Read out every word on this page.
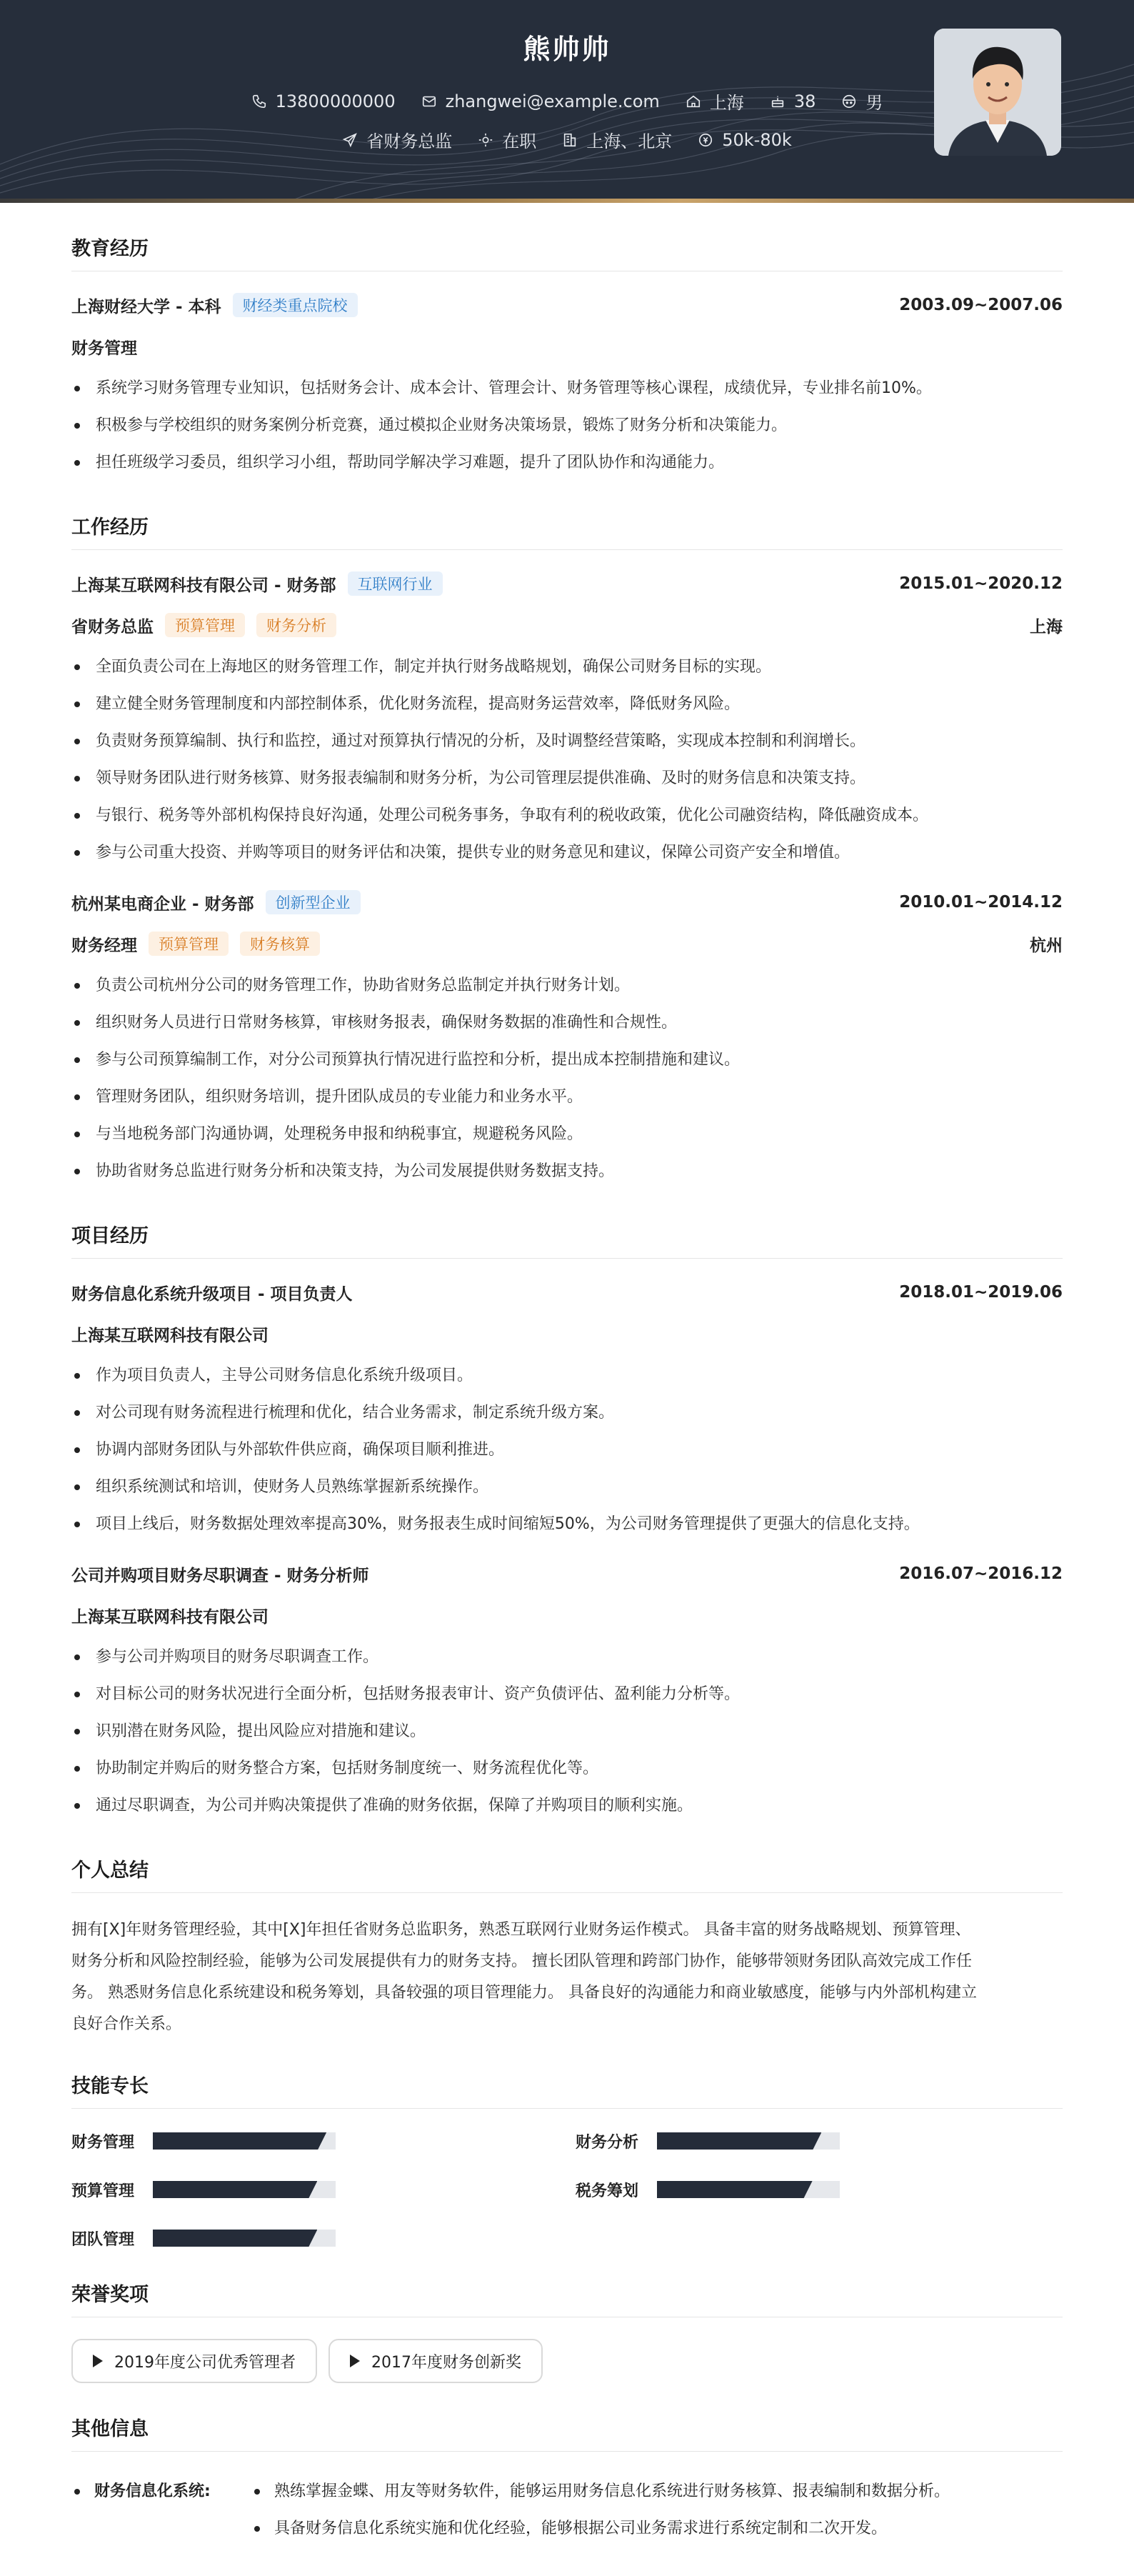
熊帅帅
13800000000	zhangwei@example.com	上海	38	男
省财务总监	在职	上海、北京	50k-80k
教育经历
上海财经大学 - 本科	财经类重点院校	2003.09~2007.06
财务管理
系统学习财务管理专业知识，包括财务会计、成本会计、管理会计、财务管理等核心课程，成绩优异，专业排名前10%。
积极参与学校组织的财务案例分析竞赛，通过模拟企业财务决策场景，锻炼了财务分析和决策能力。
担任班级学习委员，组织学习小组，帮助同学解决学习难题，提升了团队协作和沟通能力。
工作经历
上海某互联网科技有限公司 - 财务部	互联网行业	2015.01~2020.12
省财务总监	预算管理	财务分析	上海
全面负责公司在上海地区的财务管理工作，制定并执行财务战略规划，确保公司财务目标的实现。
建立健全财务管理制度和内部控制体系，优化财务流程，提高财务运营效率，降低财务风险。
负责财务预算编制、执行和监控，通过对预算执行情况的分析，及时调整经营策略，实现成本控制和利润增长。
领导财务团队进行财务核算、财务报表编制和财务分析，为公司管理层提供准确、及时的财务信息和决策支持。
与银行、税务等外部机构保持良好沟通，处理公司税务事务，争取有利的税收政策，优化公司融资结构，降低融资成本。
参与公司重大投资、并购等项目的财务评估和决策，提供专业的财务意见和建议，保障公司资产安全和增值。
杭州某电商企业 - 财务部	创新型企业	2010.01~2014.12
财务经理	预算管理	财务核算	杭州
负责公司杭州分公司的财务管理工作，协助省财务总监制定并执行财务计划。
组织财务人员进行日常财务核算，审核财务报表，确保财务数据的准确性和合规性。
参与公司预算编制工作，对分公司预算执行情况进行监控和分析，提出成本控制措施和建议。
管理财务团队，组织财务培训，提升团队成员的专业能力和业务水平。
与当地税务部门沟通协调，处理税务申报和纳税事宜，规避税务风险。
协助省财务总监进行财务分析和决策支持，为公司发展提供财务数据支持。
项目经历
财务信息化系统升级项目 - 项目负责人	2018.01~2019.06
上海某互联网科技有限公司
作为项目负责人，主导公司财务信息化系统升级项目。
对公司现有财务流程进行梳理和优化，结合业务需求，制定系统升级方案。
协调内部财务团队与外部软件供应商，确保项目顺利推进。
组织系统测试和培训，使财务人员熟练掌握新系统操作。
项目上线后，财务数据处理效率提高30%，财务报表生成时间缩短50%，为公司财务管理提供了更强大的信息化支持。
公司并购项目财务尽职调查 - 财务分析师	2016.07~2016.12
上海某互联网科技有限公司
参与公司并购项目的财务尽职调查工作。
对目标公司的财务状况进行全面分析，包括财务报表审计、资产负债评估、盈利能力分析等。
识别潜在财务风险，提出风险应对措施和建议。
协助制定并购后的财务整合方案，包括财务制度统一、财务流程优化等。
通过尽职调查，为公司并购决策提供了准确的财务依据，保障了并购项目的顺利实施。
个人总结
拥有[X]年财务管理经验，其中[X]年担任省财务总监职务，熟悉互联网行业财务运作模式。 具备丰富的财务战略规划、预算管理、
财务分析和风险控制经验，能够为公司发展提供有力的财务支持。 擅长团队管理和跨部门协作，能够带领财务团队高效完成工作任
务。 熟悉财务信息化系统建设和税务筹划，具备较强的项目管理能力。 具备良好的沟通能力和商业敏感度，能够与内外部机构建立
良好合作关系。
技能专长
财务管理	财务分析
预算管理	税务筹划
团队管理
荣誉奖项
2019年度公司优秀管理者	2017年度财务创新奖
其他信息
财务信息化系统:	熟练掌握金蝶、用友等财务软件，能够运用财务信息化系统进行财务核算、报表编制和数据分析。
具备财务信息化系统实施和优化经验，能够根据公司业务需求进行系统定制和二次开发。
